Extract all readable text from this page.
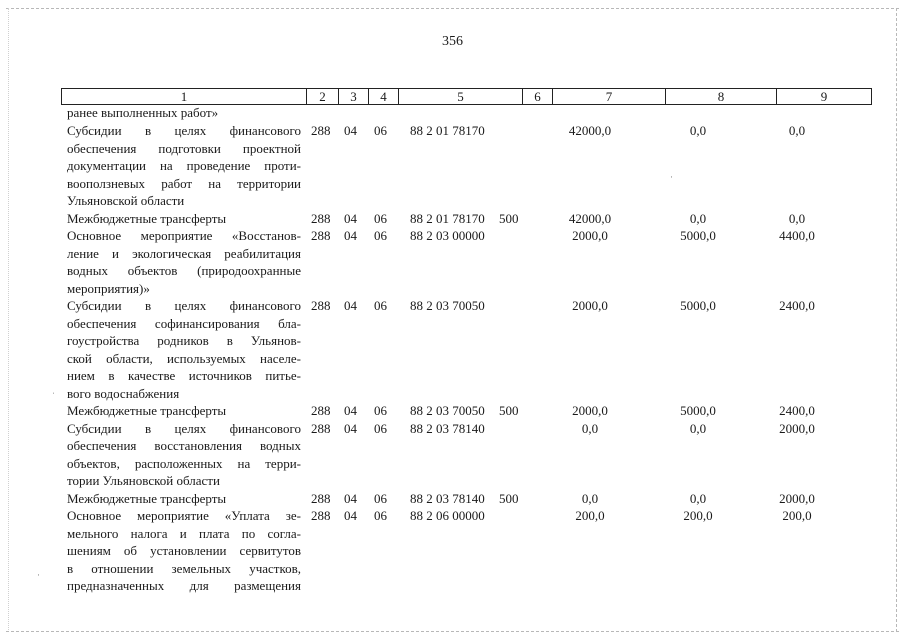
356
1	2	3	4	5	6	7	8	9
ранее выполненных работ»
Субсидии в целях финансового
обеспечения подготовки проектной
документации на проведение проти-
вооползневых работ на территории
Ульяновской области
288 04 06 88 2 01 78170	42000,0	0,0	0,0
Межбюджетные трансферты	288 04 06 88 2 01 78170 500	42000,0	0,0	0,0
Основное мероприятие «Восстанов-
ление и экологическая реабилитация
водных объектов (природоохранные
мероприятия)»
288 04 06 88 2 03 00000	2000,0	5000,0	4400,0
Субсидии в целях финансового
обеспечения софинансирования бла-
гоустройства родников в Ульянов-
ской области, используемых населе-
нием в качестве источников питье-
вого водоснабжения
288 04 06 88 2 03 70050	2000,0	5000,0	2400,0
Межбюджетные трансферты	288 04 06 88 2 03 70050 500	2000,0	5000,0	2400,0
Субсидии в целях финансового
обеспечения восстановления водных
объектов, расположенных на терри-
тории Ульяновской области
288 04 06 88 2 03 78140	0,0	0,0	2000,0
Межбюджетные трансферты	288 04 06 88 2 03 78140 500	0,0	0,0	2000,0
Основное мероприятие «Уплата зе-
мельного налога и плата по согла-
шениям об установлении сервитутов
в отношении земельных участков,
предназначенных для размещения
288 04 06 88 2 06 00000	200,0	200,0	200,0
ˌ
·
·
